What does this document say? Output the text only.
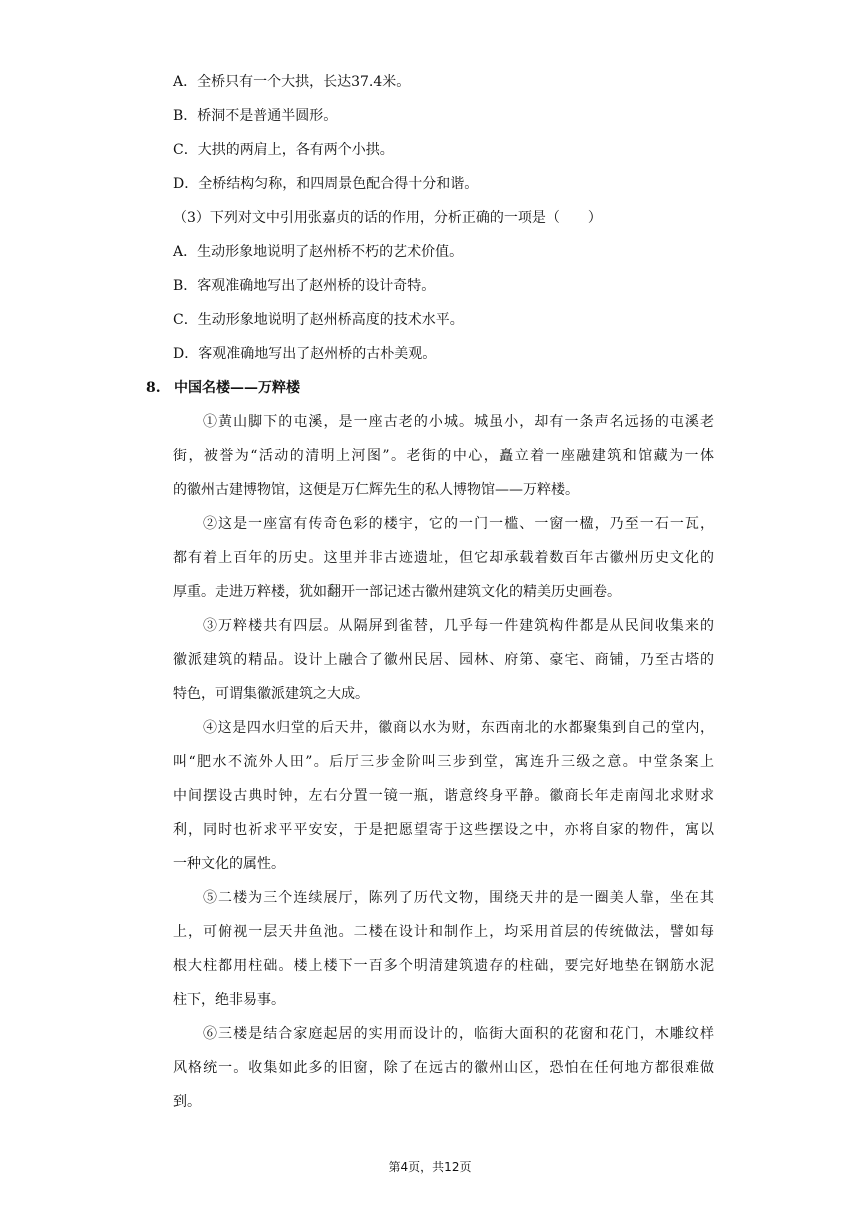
A．全桥只有一个大拱，长达37.4米。

B．桥洞不是普通半圆形。

C．大拱的两肩上，各有两个小拱。

D．全桥结构匀称，和四周景色配合得十分和谐。

（3）下列对文中引用张嘉贞的话的作用，分析正确的一项是（　　）

A．生动形象地说明了赵州桥不朽的艺术价值。

B．客观准确地写出了赵州桥的设计奇特。

C．生动形象地说明了赵州桥高度的技术水平。

D．客观准确地写出了赵州桥的古朴美观。

8. 中国名楼——万粹楼

①黄山脚下的屯溪，是一座古老的小城。城虽小，却有一条声名远扬的屯溪老

街，被誉为“活动的清明上河图”。老街的中心，矗立着一座融建筑和馆藏为一体

的徽州古建博物馆，这便是万仁辉先生的私人博物馆——万粹楼。

②这是一座富有传奇色彩的楼宇，它的一门一槛、一窗一楹，乃至一石一瓦，

都有着上百年的历史。这里并非古迹遗址，但它却承载着数百年古徽州历史文化的

厚重。走进万粹楼，犹如翻开一部记述古徽州建筑文化的精美历史画卷。

③万粹楼共有四层。从隔屏到雀替，几乎每一件建筑构件都是从民间收集来的

徽派建筑的精品。设计上融合了徽州民居、园林、府第、豪宅、商铺，乃至古塔的

特色，可谓集徽派建筑之大成。

④这是四水归堂的后天井，徽商以水为财，东西南北的水都聚集到自己的堂内，

叫“肥水不流外人田”。后厅三步金阶叫三步到堂，寓连升三级之意。中堂条案上

中间摆设古典时钟，左右分置一镜一瓶，谐意终身平静。徽商长年走南闯北求财求

利，同时也祈求平平安安，于是把愿望寄于这些摆设之中，亦将自家的物件，寓以

一种文化的属性。

⑤二楼为三个连续展厅，陈列了历代文物，围绕天井的是一圈美人靠，坐在其

上，可俯视一层天井鱼池。二楼在设计和制作上，均采用首层的传统做法，譬如每

根大柱都用柱础。楼上楼下一百多个明清建筑遗存的柱础，要完好地垫在钢筋水泥

柱下，绝非易事。

⑥三楼是结合家庭起居的实用而设计的，临街大面积的花窗和花门，木雕纹样

风格统一。收集如此多的旧窗，除了在远古的徽州山区，恐怕在任何地方都很难做

到。

第4页，共12页
